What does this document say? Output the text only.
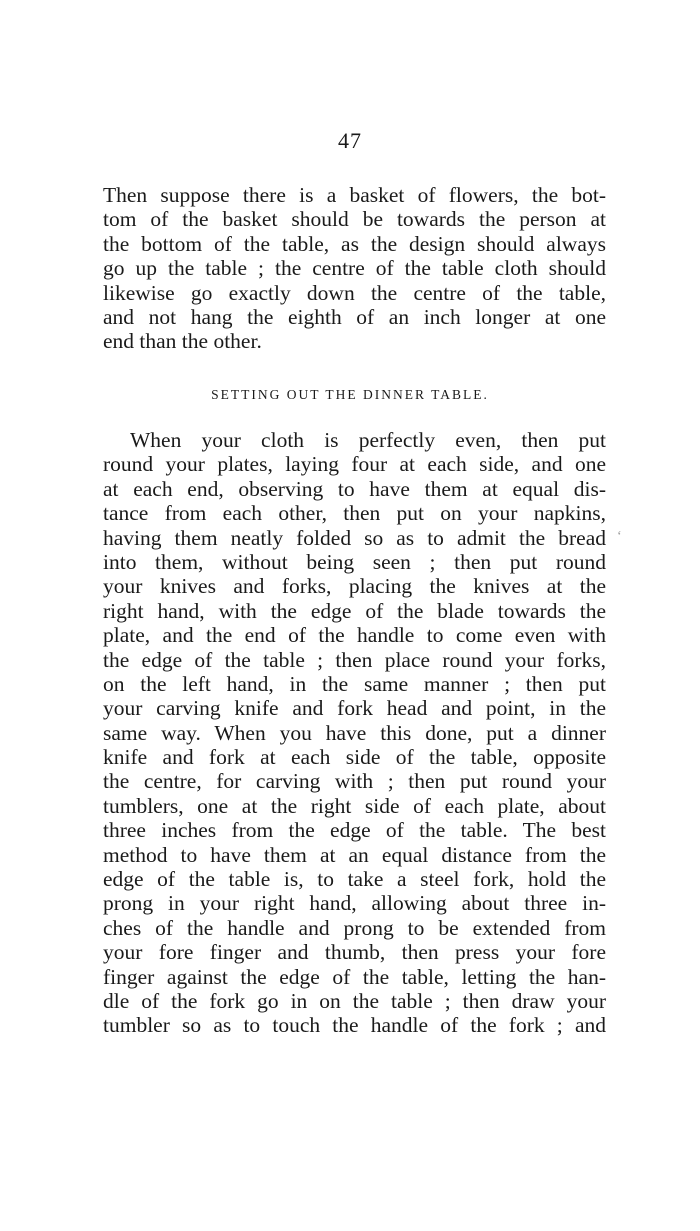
47
Then suppose there is a basket of flowers, the bot-
tom of the basket should be towards the person at
the bottom of the table, as the design should always
go up the table ; the centre of the table cloth should
likewise go exactly down the centre of the table,
and not hang the eighth of an inch longer at one
end than the other.
SETTING OUT THE DINNER TABLE.
When your cloth is perfectly even, then put
round your plates, laying four at each side, and one
at each end, observing to have them at equal dis-
tance from each other, then put on your napkins,
having them neatly folded so as to admit the bread
into them, without being seen ; then put round
your knives and forks, placing the knives at the
right hand, with the edge of the blade towards the
plate, and the end of the handle to come even with
the edge of the table ; then place round your forks,
on the left hand, in the same manner ; then put
your carving knife and fork head and point, in the
same way. When you have this done, put a dinner
knife and fork at each side of the table, opposite
the centre, for carving with ; then put round your
tumblers, one at the right side of each plate, about
three inches from the edge of the table. The best
method to have them at an equal distance from the
edge of the table is, to take a steel fork, hold the
prong in your right hand, allowing about three in-
ches of the handle and prong to be extended from
your fore finger and thumb, then press your fore
finger against the edge of the table, letting the han-
dle of the fork go in on the table ; then draw your
tumbler so as to touch the handle of the fork ; and
‘
